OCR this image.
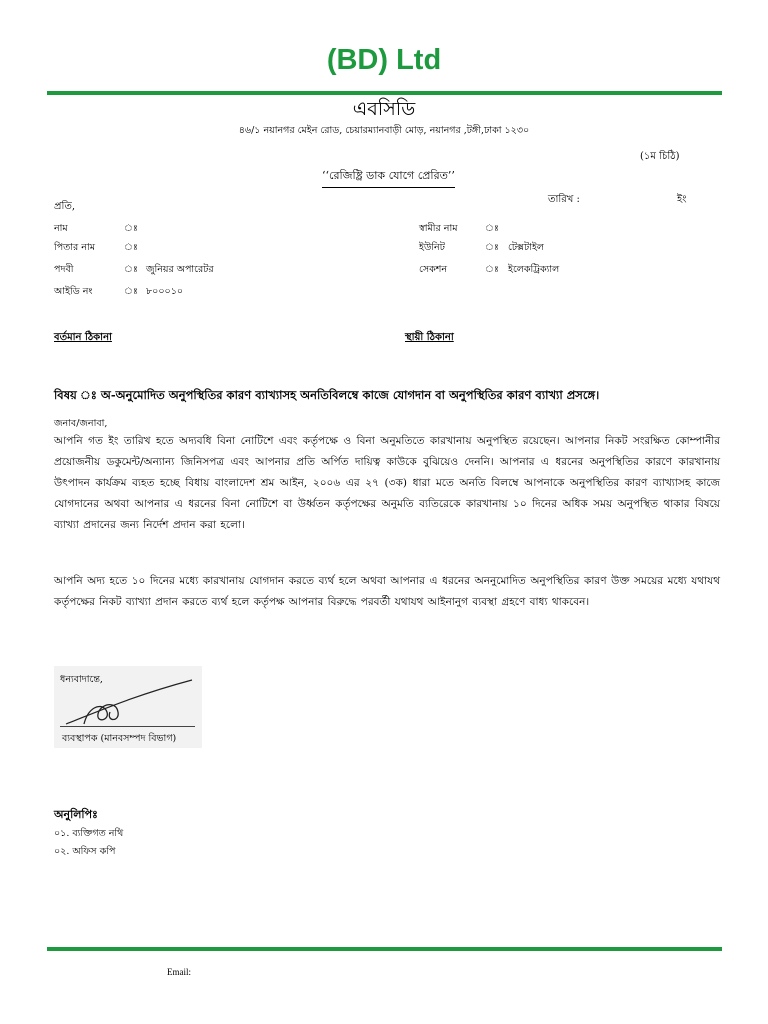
(BD) Ltd
এবসিডি
৪৬/১ নয়ানগর মেইন রোড, চেয়ারম্যানবাড়ী মোড়, নয়ানগর ,টঙ্গী,ঢাকা ১২৩০
(১ম চিঠি)
‘‘রেজিষ্ট্রি ডাক যোগে প্রেরিত’’
তারিখ :	ইং
প্রতি,
নাম	ঃ
পিতার নাম	ঃ
পদবী	ঃ জুনিয়র অপারেটর
আইডি নং	ঃ ৮০০০১০
স্বামীর নাম	ঃ
ইউনিট	ঃ টেক্সটাইল
সেকশন	ঃ ইলেকট্রিক্যাল
বর্তমান ঠিকানা	স্থায়ী ঠিকানা
বিষয় ঃ অ-অনুমোদিত অনুপস্থিতির কারণ ব্যাখ্যাসহ অনতিবিলম্বে কাজে যোগদান বা অনুপস্থিতির কারণ ব্যাখ্যা প্রসঙ্গে।
জনাব/জনাবা,

আপনি গত ইং তারিখ হতে অদ্যবধি বিনা নোটিশে এবং কর্তৃপক্ষে ও বিনা অনুমতিতে কারখানায় অনুপস্থিত রয়েছেন। আপনার নিকট সংরক্ষিত কোম্পানীর প্রয়োজনীয় ডকুমেন্ট/অন্যান্য জিনিসপত্র এবং আপনার প্রতি অর্পিত দায়িত্ব কাউকে বুঝিয়েও দেননি। আপনার এ ধরনের অনুপস্থিতির কারণে কারখানায় উৎপাদন কার্যক্রম ব্যহত হচ্ছে বিধায় বাংলাদেশ শ্রম আইন, ২০০৬ এর ২৭ (৩ক) ধারা মতে অনতি বিলম্বে আপনাকে অনুপস্থিতির কারণ ব্যাখ্যাসহ কাজে যোগদানের অথবা আপনার এ ধরনের বিনা নোটিশে বা উর্ধ্বতন কর্তৃপক্ষের অনুমতি ব্যতিরেকে কারখানায় ১০ দিনের অধিক সময় অনুপস্থিত থাকার বিষয়ে ব্যাখ্যা প্রদানের জন্য নির্দেশ প্রদান করা হলো।

আপনি অদ্য হতে ১০ দিনের মধ্যে কারখানায় যোগদান করতে ব্যর্থ হলে অথবা আপনার এ ধরনের অননুমোদিত অনুপস্থিতির কারণ উক্ত সময়ের মধ্যে যথাযথ কর্তৃপক্ষের নিকট ব্যাখ্যা প্রদান করতে ব্যর্থ হলে কর্তৃপক্ষ আপনার বিরুদ্ধে পরবর্তী যথাযথ আইনানুগ ব্যবস্থা গ্রহণে বাধ্য থাকবেন।

ধন্যবাদান্তে,
ব্যবস্থাপক (মানবসম্পদ বিভাগ)
অনুলিপিঃ
০১. ব্যক্তিগত নথি
০২. অফিস কপি
Email:
